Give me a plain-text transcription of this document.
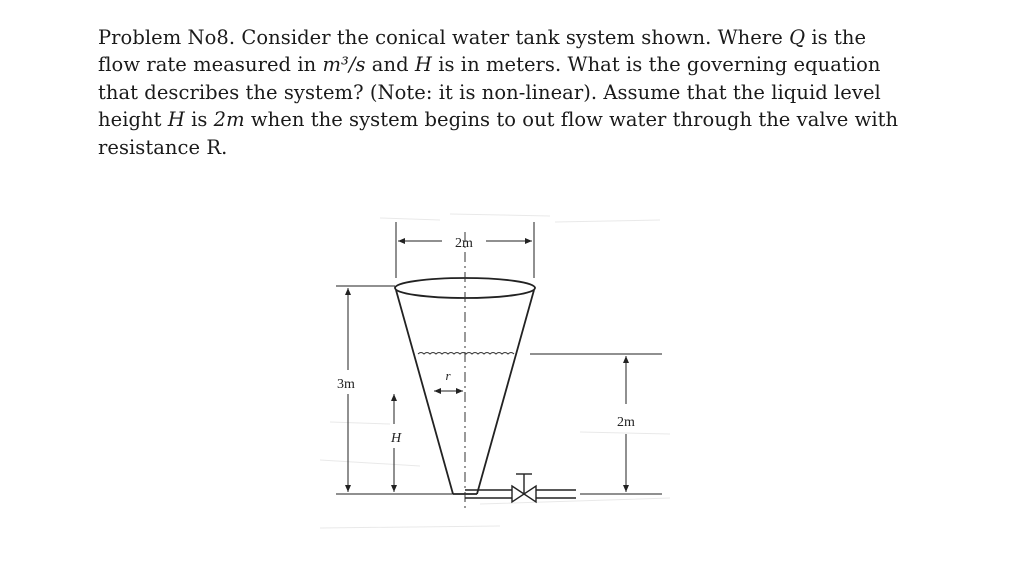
Problem No8. Consider the conical water tank system shown. Where Q is the
flow rate measured in m³/s and H is in meters. What is the governing equation
that describes the system? (Note: it is non-linear). Assume that the liquid level
height H is 2m when the system begins to out flow water through the valve with
resistance R.
2m
r
3m
H
2m
